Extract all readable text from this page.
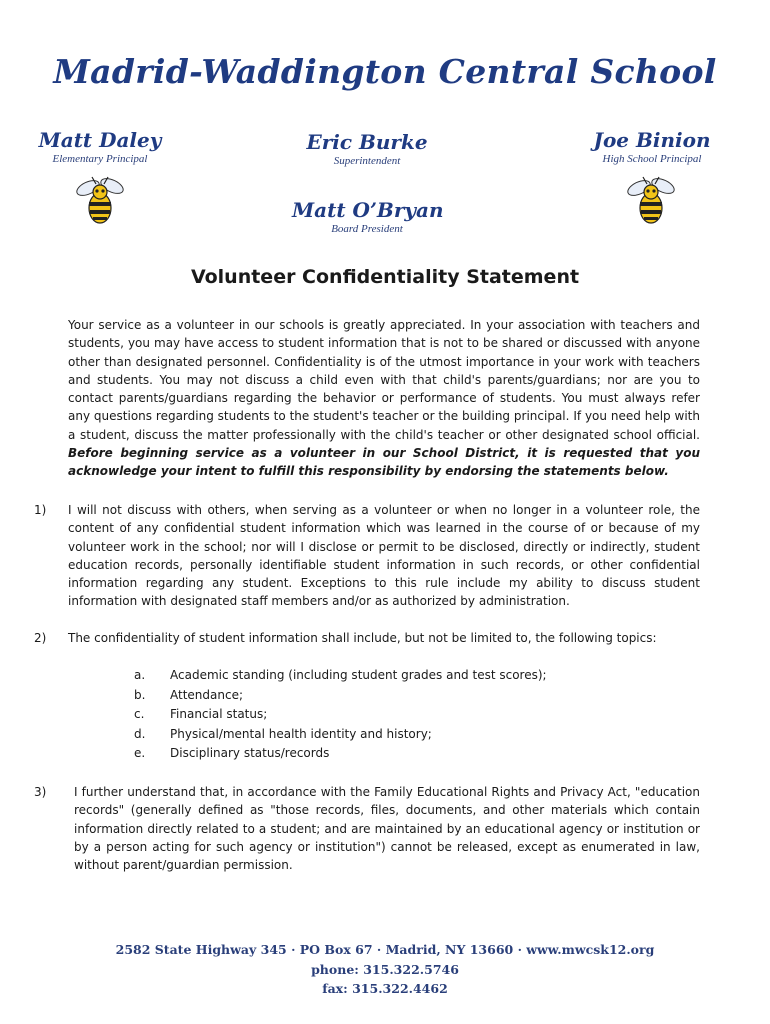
Madrid-Waddington Central School
Matt Daley
Elementary Principal
Eric Burke
Superintendent
Joe Binion
High School Principal
Matt O’Bryan
Board President
Volunteer Confidentiality Statement
Your service as a volunteer in our schools is greatly appreciated. In your association with teachers and students, you may have access to student information that is not to be shared or discussed with anyone other than designated personnel. Confidentiality is of the utmost importance in your work with teachers and students. You may not discuss a child even with that child's parents/guardians; nor are you to contact parents/guardians regarding the behavior or performance of students. You must always refer any questions regarding students to the student's teacher or the building principal. If you need help with a student, discuss the matter professionally with the child's teacher or other designated school official. Before beginning service as a volunteer in our School District, it is requested that you acknowledge your intent to fulfill this responsibility by endorsing the statements below.
1) I will not discuss with others, when serving as a volunteer or when no longer in a volunteer role, the content of any confidential student information which was learned in the course of or because of my volunteer work in the school; nor will I disclose or permit to be disclosed, directly or indirectly, student education records, personally identifiable student information in such records, or other confidential information regarding any student. Exceptions to this rule include my ability to discuss student information with designated staff members and/or as authorized by administration.
2) The confidentiality of student information shall include, but not be limited to, the following topics:
a. Academic standing (including student grades and test scores);
b. Attendance;
c. Financial status;
d. Physical/mental health identity and history;
e. Disciplinary status/records
3) I further understand that, in accordance with the Family Educational Rights and Privacy Act, "education records" (generally defined as "those records, files, documents, and other materials which contain information directly related to a student; and are maintained by an educational agency or institution or by a person acting for such agency or institution") cannot be released, except as enumerated in law, without parent/guardian permission.
2582 State Highway 345 · PO Box 67 · Madrid, NY 13660 · www.mwcsk12.org
phone: 315.322.5746
fax: 315.322.4462
